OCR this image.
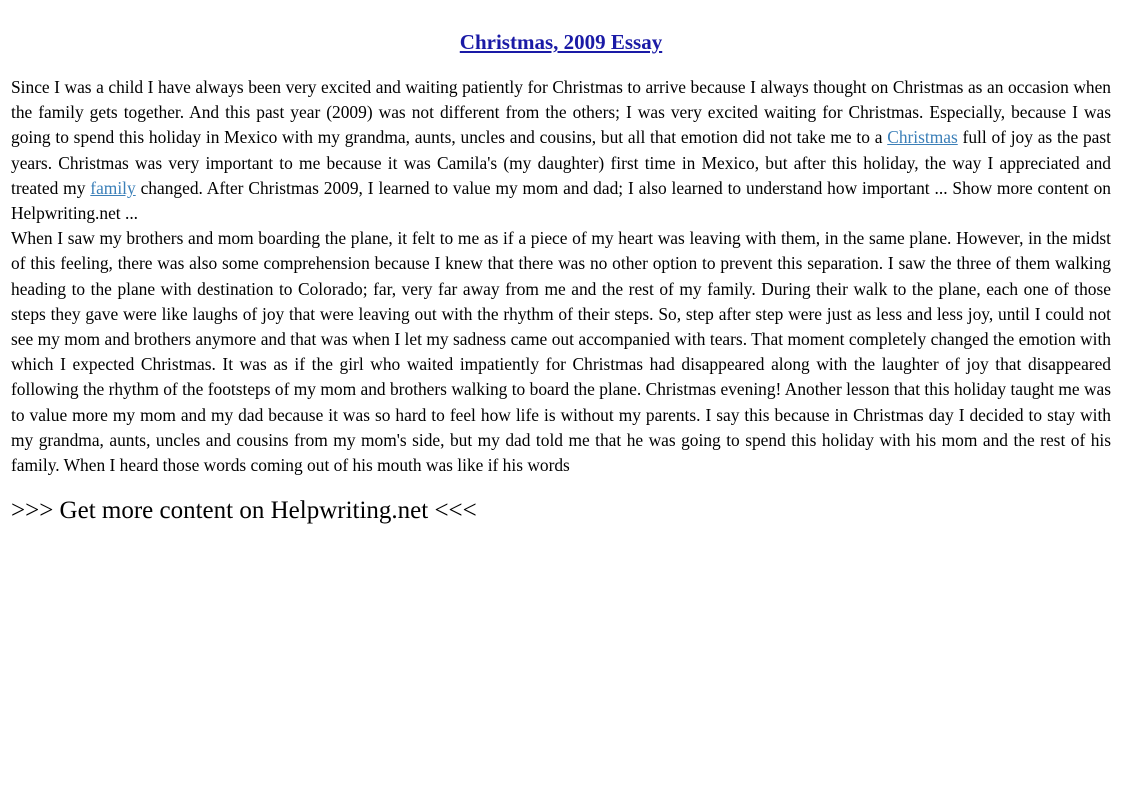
Christmas, 2009 Essay

Since I was a child I have always been very excited and waiting patiently for Christmas to arrive because I always thought on Christmas as an occasion when the family gets together. And this past year (2009) was not different from the others; I was very excited waiting for Christmas. Especially, because I was going to spend this holiday in Mexico with my grandma, aunts, uncles and cousins, but all that emotion did not take me to a Christmas full of joy as the past years. Christmas was very important to me because it was Camila's (my daughter) first time in Mexico, but after this holiday, the way I appreciated and treated my family changed. After Christmas 2009, I learned to value my mom and dad; I also learned to understand how important ... Show more content on Helpwriting.net ...
When I saw my brothers and mom boarding the plane, it felt to me as if a piece of my heart was leaving with them, in the same plane. However, in the midst of this feeling, there was also some comprehension because I knew that there was no other option to prevent this separation. I saw the three of them walking heading to the plane with destination to Colorado; far, very far away from me and the rest of my family. During their walk to the plane, each one of those steps they gave were like laughs of joy that were leaving out with the rhythm of their steps. So, step after step were just as less and less joy, until I could not see my mom and brothers anymore and that was when I let my sadness came out accompanied with tears. That moment completely changed the emotion with which I expected Christmas. It was as if the girl who waited impatiently for Christmas had disappeared along with the laughter of joy that disappeared following the rhythm of the footsteps of my mom and brothers walking to board the plane. Christmas evening! Another lesson that this holiday taught me was to value more my mom and my dad because it was so hard to feel how life is without my parents. I say this because in Christmas day I decided to stay with my grandma, aunts, uncles and cousins from my mom's side, but my dad told me that he was going to spend this holiday with his mom and the rest of his family. When I heard those words coming out of his mouth was like if his words

>>> Get more content on Helpwriting.net <<<
